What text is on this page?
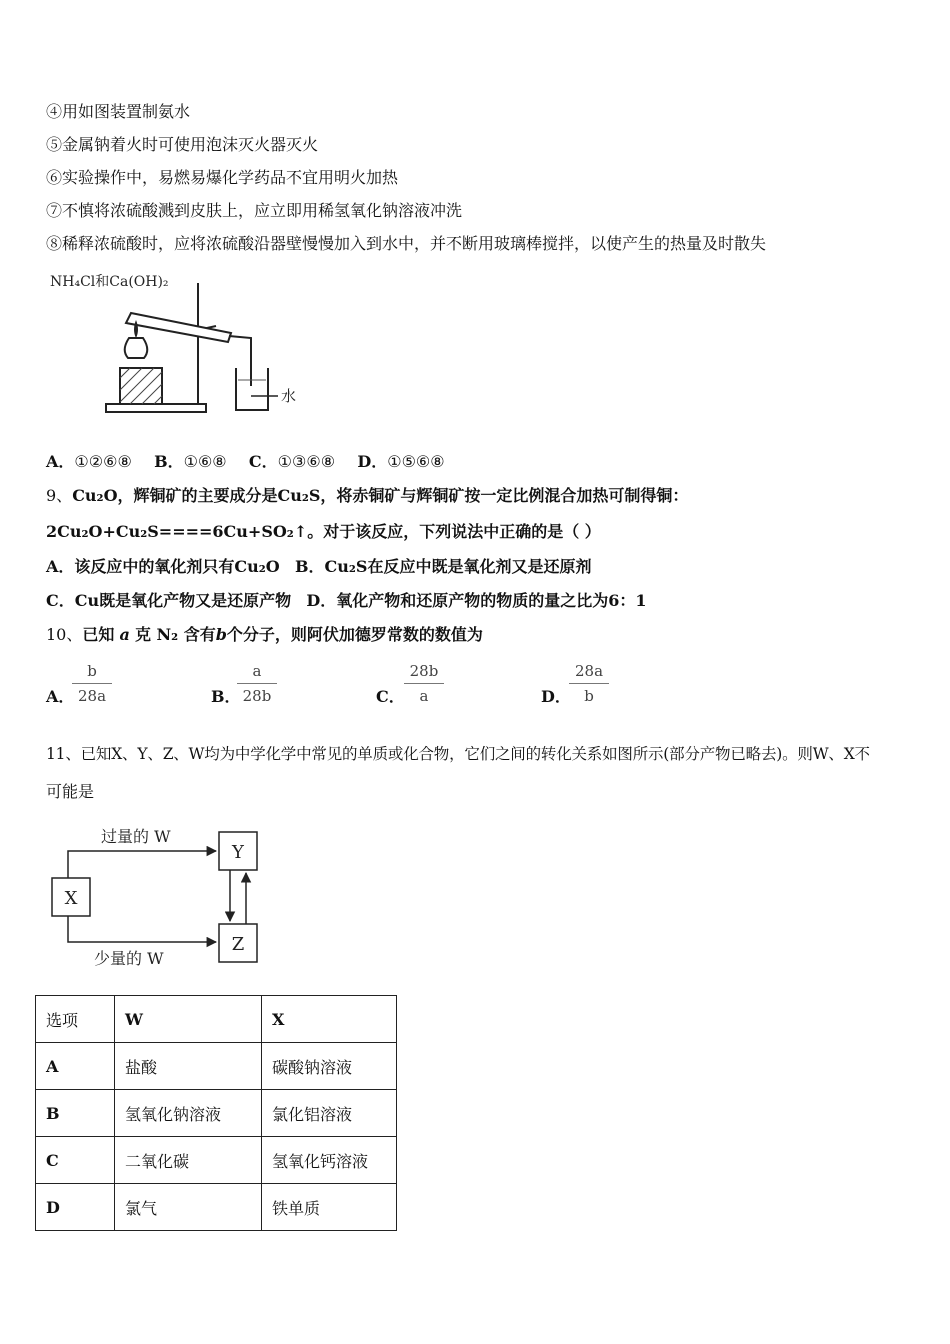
④用如图装置制氨水
⑤金属钠着火时可使用泡沫灭火器灭火
⑥实验操作中，易燃易爆化学药品不宜用明火加热
⑦不慎将浓硫酸溅到皮肤上，应立即用稀氢氧化钠溶液冲洗
⑧稀释浓硫酸时，应将浓硫酸沿器壁慢慢加入到水中，并不断用玻璃棒搅拌，以使产生的热量及时散失
NH₄Cl和Ca(OH)₂
水
A．①②⑥⑧ B．①⑥⑧ C．①③⑥⑧ D．①⑤⑥⑧
9、Cu₂O，辉铜矿的主要成分是Cu₂S，将赤铜矿与辉铜矿按一定比例混合加热可制得铜：
2Cu₂O+Cu₂S====6Cu+SO₂↑。对于该反应，下列说法中正确的是（ ）
A．该反应中的氧化剂只有Cu₂O B．Cu₂S在反应中既是氧化剂又是还原剂
C．Cu既是氧化产物又是还原产物 D．氧化产物和还原产物的物质的量之比为6：1
10、已知 a 克 N₂ 含有b个分子，则阿伏加德罗常数的数值为
A．
b
28a	B．
a
28b	C．
28b
a	D．
28a
b
11、已知X、Y、Z、W均为中学化学中常见的单质或化合物，它们之间的转化关系如图所示(部分产物已略去)。则W、X不
可能是
X
Y
Z
过量的 W
少量的 W
选项	W	X
A	盐酸	碳酸钠溶液
B	氢氧化钠溶液	氯化铝溶液
C	二氧化碳	氢氧化钙溶液
D	氯气	铁单质
